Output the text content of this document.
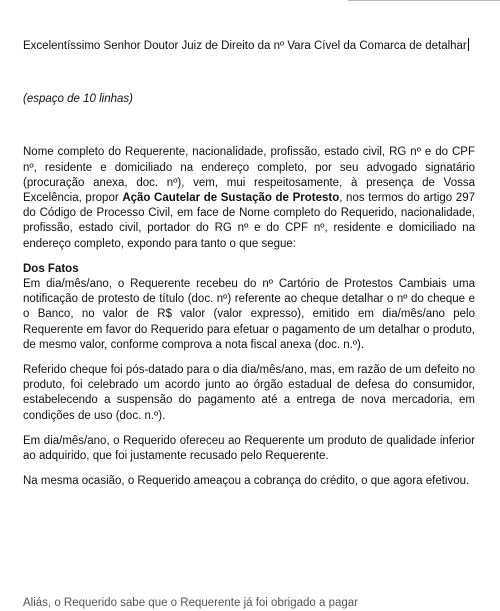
Excelentíssimo Senhor Doutor Juiz de Direito da nº Vara Cível da Comarca de detalhar

(espaço de 10 linhas)

Nome completo do Requerente, nacionalidade, profissão, estado civil, RG nº e do CPF nº, residente e domiciliado na endereço completo, por seu advogado signatário (procuração anexa, doc. nº), vem, mui respeitosamente, à presença de Vossa Excelência, propor Ação Cautelar de Sustação de Protesto, nos termos do artigo 297 do Código de Processo Civil, em face de Nome completo do Requerido, nacionalidade, profissão, estado civil, portador do RG nº e do CPF nº, residente e domiciliado na endereço completo, expondo para tanto o que segue:

Dos Fatos

Em dia/mês/ano, o Requerente recebeu do nº Cartório de Protestos Cambiais uma notificação de protesto de título (doc. nº) referente ao cheque detalhar o nº do cheque e o Banco, no valor de R$ valor (valor expresso), emitido em dia/mês/ano pelo Requerente em favor do Requerido para efetuar o pagamento de um detalhar o produto, de mesmo valor, conforme comprova a nota fiscal anexa (doc. n.º).

Referido cheque foi pós-datado para o dia dia/mês/ano, mas, em razão de um defeito no produto, foi celebrado um acordo junto ao órgão estadual de defesa do consumidor, estabelecendo a suspensão do pagamento até a entrega de nova mercadoria, em condições de uso (doc. n.º).

Em dia/mês/ano, o Requerido ofereceu ao Requerente um produto de qualidade inferior ao adquirido, que foi justamente recusado pelo Requerente.

Na mesma ocasião, o Requerido ameaçou a cobrança do crédito, o que agora efetivou.

Aliás, o Requerido sabe que o Requerente já foi obrigado a pagar
